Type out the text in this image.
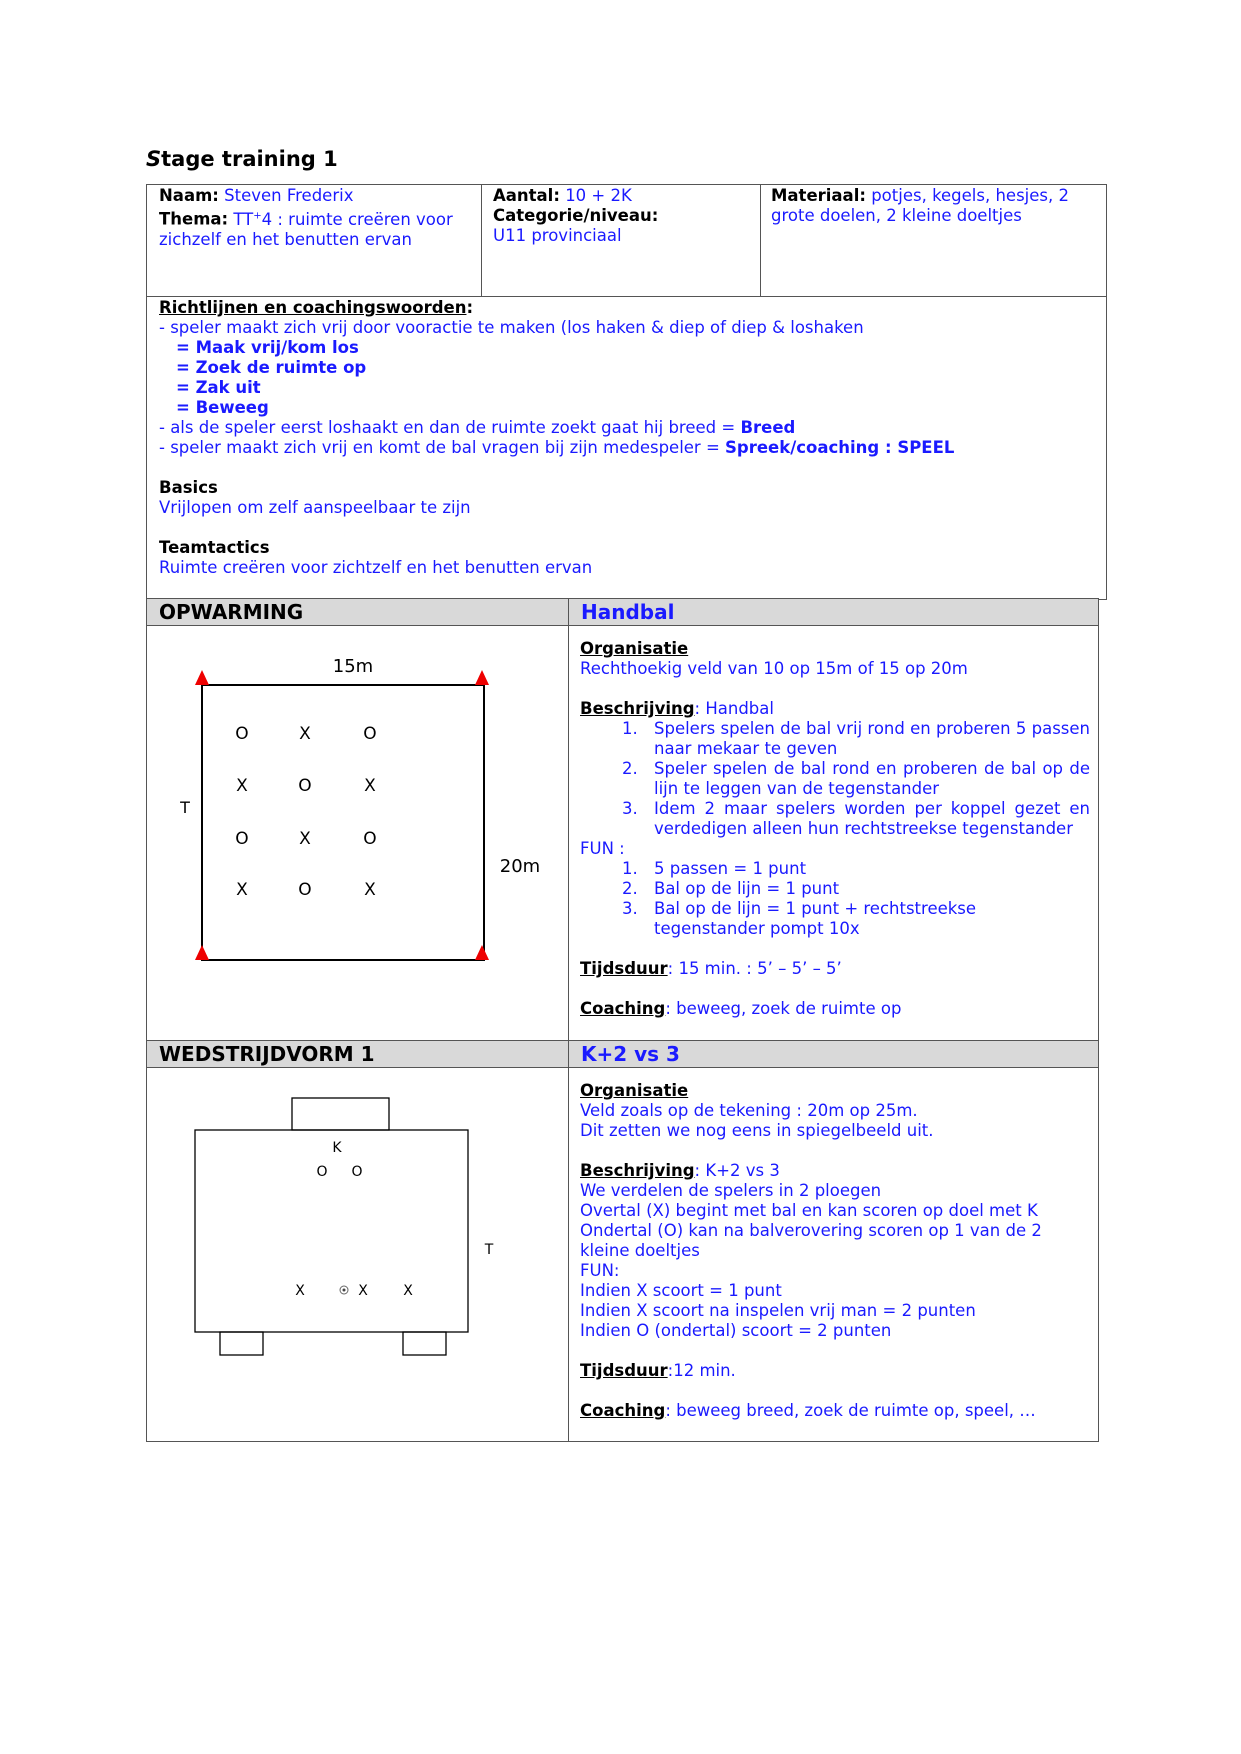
Stage training 1
Naam: Steven Frederix
Thema: TT+4 : ruimte creëren voor zichzelf en het benutten ervan
Aantal: 10 + 2K
Categorie/niveau:
U11 provinciaal
Materiaal: potjes, kegels, hesjes, 2 grote doelen, 2 kleine doeltjes

Richtlijnen en coachingswoorden:

- speler maakt zich vrij door vooractie te maken (los haken & diep of diep & loshaken

= Maak vrij/kom los

= Zoek de ruimte op

= Zak uit

= Beweeg

- als de speler eerst loshaakt en dan de ruimte zoekt gaat hij breed = Breed

- speler maakt zich vrij en komt de bal vragen bij zijn medespeler = Spreek/coaching : SPEEL

Basics

Vrijlopen om zelf aanspeelbaar te zijn

Teamtactics

Ruimte creëren voor zichtzelf en het benutten ervan

OPWARMING	Handbal
15m
20m
T
O	X	O
X	O	X
O	X	O
X	O	X

Organisatie

Rechthoekig veld van 10 op 15m of 15 op 20m

Beschrijving: Handbal

1. Spelers spelen de bal vrij rond en proberen 5 passen naar mekaar te geven
2. Speler spelen de bal rond en proberen de bal op de lijn te leggen van de tegenstander
3. Idem 2 maar spelers worden per koppel gezet en verdedigen alleen hun rechtstreekse tegenstander

FUN :

1. 5 passen = 1 punt
2. Bal op de lijn = 1 punt
3. Bal op de lijn = 1 punt + rechtstreekse tegenstander pompt 10x

Tijdsduur: 15 min. : 5’ – 5’ – 5’

Coaching: beweeg, zoek de ruimte op

WEDSTRIJDVORM 1	K+2 vs 3
K
O O
T
X	X	X

Organisatie

Veld zoals op de tekening : 20m op 25m.

Dit zetten we nog eens in spiegelbeeld uit.

Beschrijving: K+2 vs 3

We verdelen de spelers in 2 ploegen

Overtal (X) begint met bal en kan scoren op doel met K

Ondertal (O) kan na balverovering scoren op 1 van de 2 kleine doeltjes

FUN:

Indien X scoort = 1 punt

Indien X scoort na inspelen vrij man = 2 punten

Indien O (ondertal) scoort = 2 punten

Tijdsduur:12 min.

Coaching: beweeg breed, zoek de ruimte op, speel, …
